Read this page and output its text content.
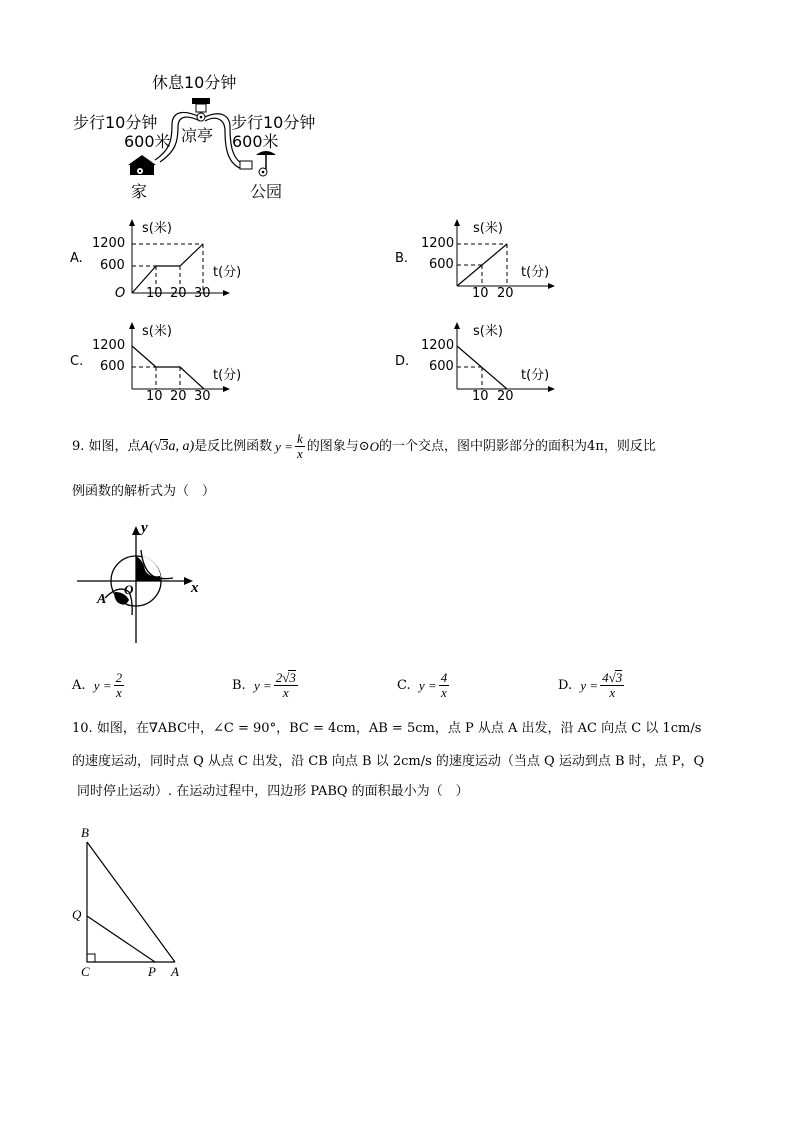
休息10分钟
步行10分钟
600米 凉亭
步行10分钟
600米
家	公园
A.
s(米)
t(分)
O
1200
600
10 20 30
B.
s(米)
t(分)
1200
600
10 20
C.
s(米)
t(分)
1200
600
10 20 30
D.
s(米)
t(分)
1200
600
10 20
9.
如图，点 A(√3a, a) 是反比例函数 $y = \frac{k}{x}$ 的图象与⊙ O 的一个交点，图中阴影部分的面积为4π，则反比
例函数的解析式为（　）
y
x
O
A
A.
$y = \frac{2}{x}$	B.
$y = \frac{2√3}{x}$	C.
$y = \frac{4}{x}$	D.
$y = \frac{4√3}{x}$
10. 如图，在∇ABC中，∠C = 90°，BC = 4cm，AB = 5cm，点 P 从点 A 出发，沿 AC 向点 C 以 1cm/s
的速度运动，同时点 Q 从点 C 出发，沿 CB 向点 B 以 2cm/s 的速度运动（当点 Q 运动到点 B 时，点 P，Q
同时停止运动）. 在运动过程中，四边形 PABQ 的面积最小为（　）
B
Q
C	P A
